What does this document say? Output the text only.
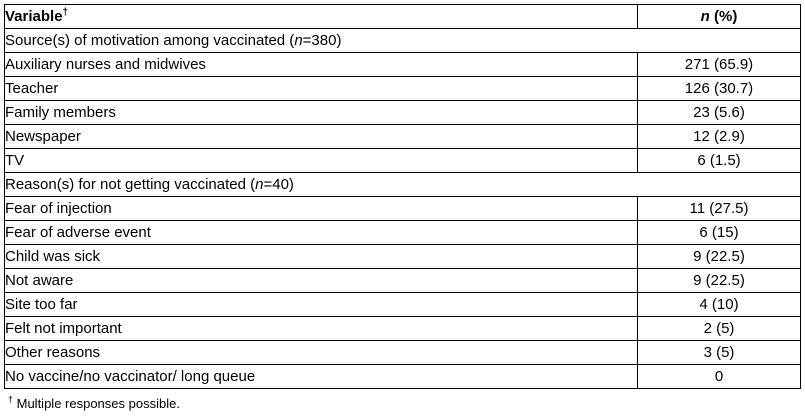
Variable†	n (%)
Source(s) of motivation among vaccinated (n=380)	
Auxiliary nurses and midwives	271 (65.9)
Teacher	126 (30.7)
Family members	23 (5.6)
Newspaper	12 (2.9)
TV	6 (1.5)
Reason(s) for not getting vaccinated (n=40)	
Fear of injection	11 (27.5)
Fear of adverse event	6 (15)
Child was sick	9 (22.5)
Not aware	9 (22.5)
Site too far	4 (10)
Felt not important	2 (5)
Other reasons	3 (5)
No vaccine/no vaccinator/ long queue	0
† Multiple responses possible.
